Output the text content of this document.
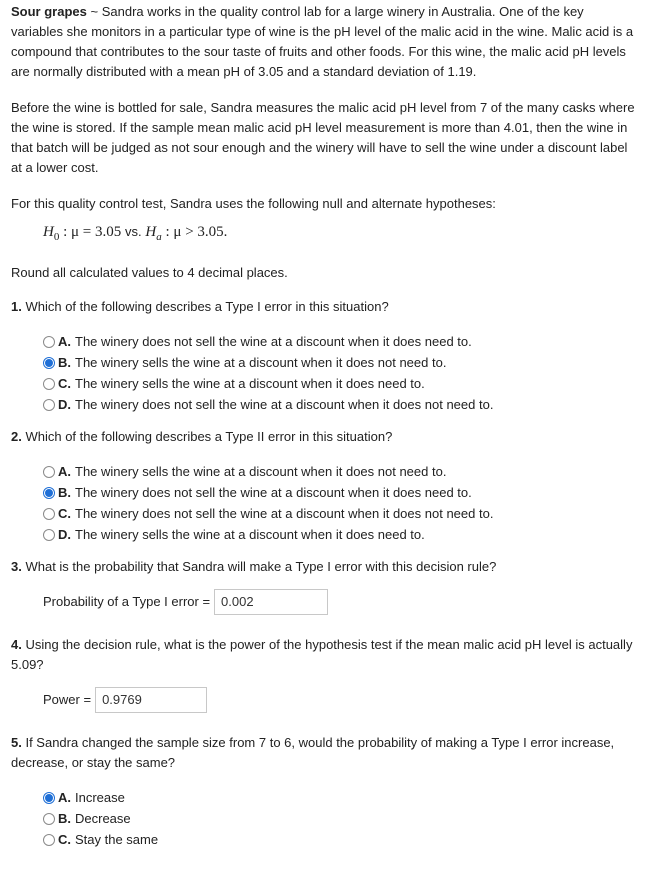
Sour grapes ~ Sandra works in the quality control lab for a large winery in Australia. One of the key variables she monitors in a particular type of wine is the pH level of the malic acid in the wine. Malic acid is a compound that contributes to the sour taste of fruits and other foods. For this wine, the malic acid pH levels are normally distributed with a mean pH of 3.05 and a standard deviation of 1.19.

Before the wine is bottled for sale, Sandra measures the malic acid pH level from 7 of the many casks where the wine is stored. If the sample mean malic acid pH level measurement is more than 4.01, then the wine in that batch will be judged as not sour enough and the winery will have to sell the wine under a discount label at a lower cost.

For this quality control test, Sandra uses the following null and alternate hypotheses:

$H_0$ : μ = 3.05 vs. $H_a$ : μ > 3.05.

Round all calculated values to 4 decimal places.

1. Which of the following describes a Type I error in this situation?

A. The winery does not sell the wine at a discount when it does need to.
B. The winery sells the wine at a discount when it does not need to.
C. The winery sells the wine at a discount when it does need to.
D. The winery does not sell the wine at a discount when it does not need to.

2. Which of the following describes a Type II error in this situation?

A. The winery sells the wine at a discount when it does not need to.
B. The winery does not sell the wine at a discount when it does need to.
C. The winery does not sell the wine at a discount when it does not need to.
D. The winery sells the wine at a discount when it does need to.

3. What is the probability that Sandra will make a Type I error with this decision rule?

Probability of a Type I error = 0.002

4. Using the decision rule, what is the power of the hypothesis test if the mean malic acid pH level is actually 5.09?

Power = 0.9769

5. If Sandra changed the sample size from 7 to 6, would the probability of making a Type I error increase, decrease, or stay the same?

A. Increase
B. Decrease
C. Stay the same
